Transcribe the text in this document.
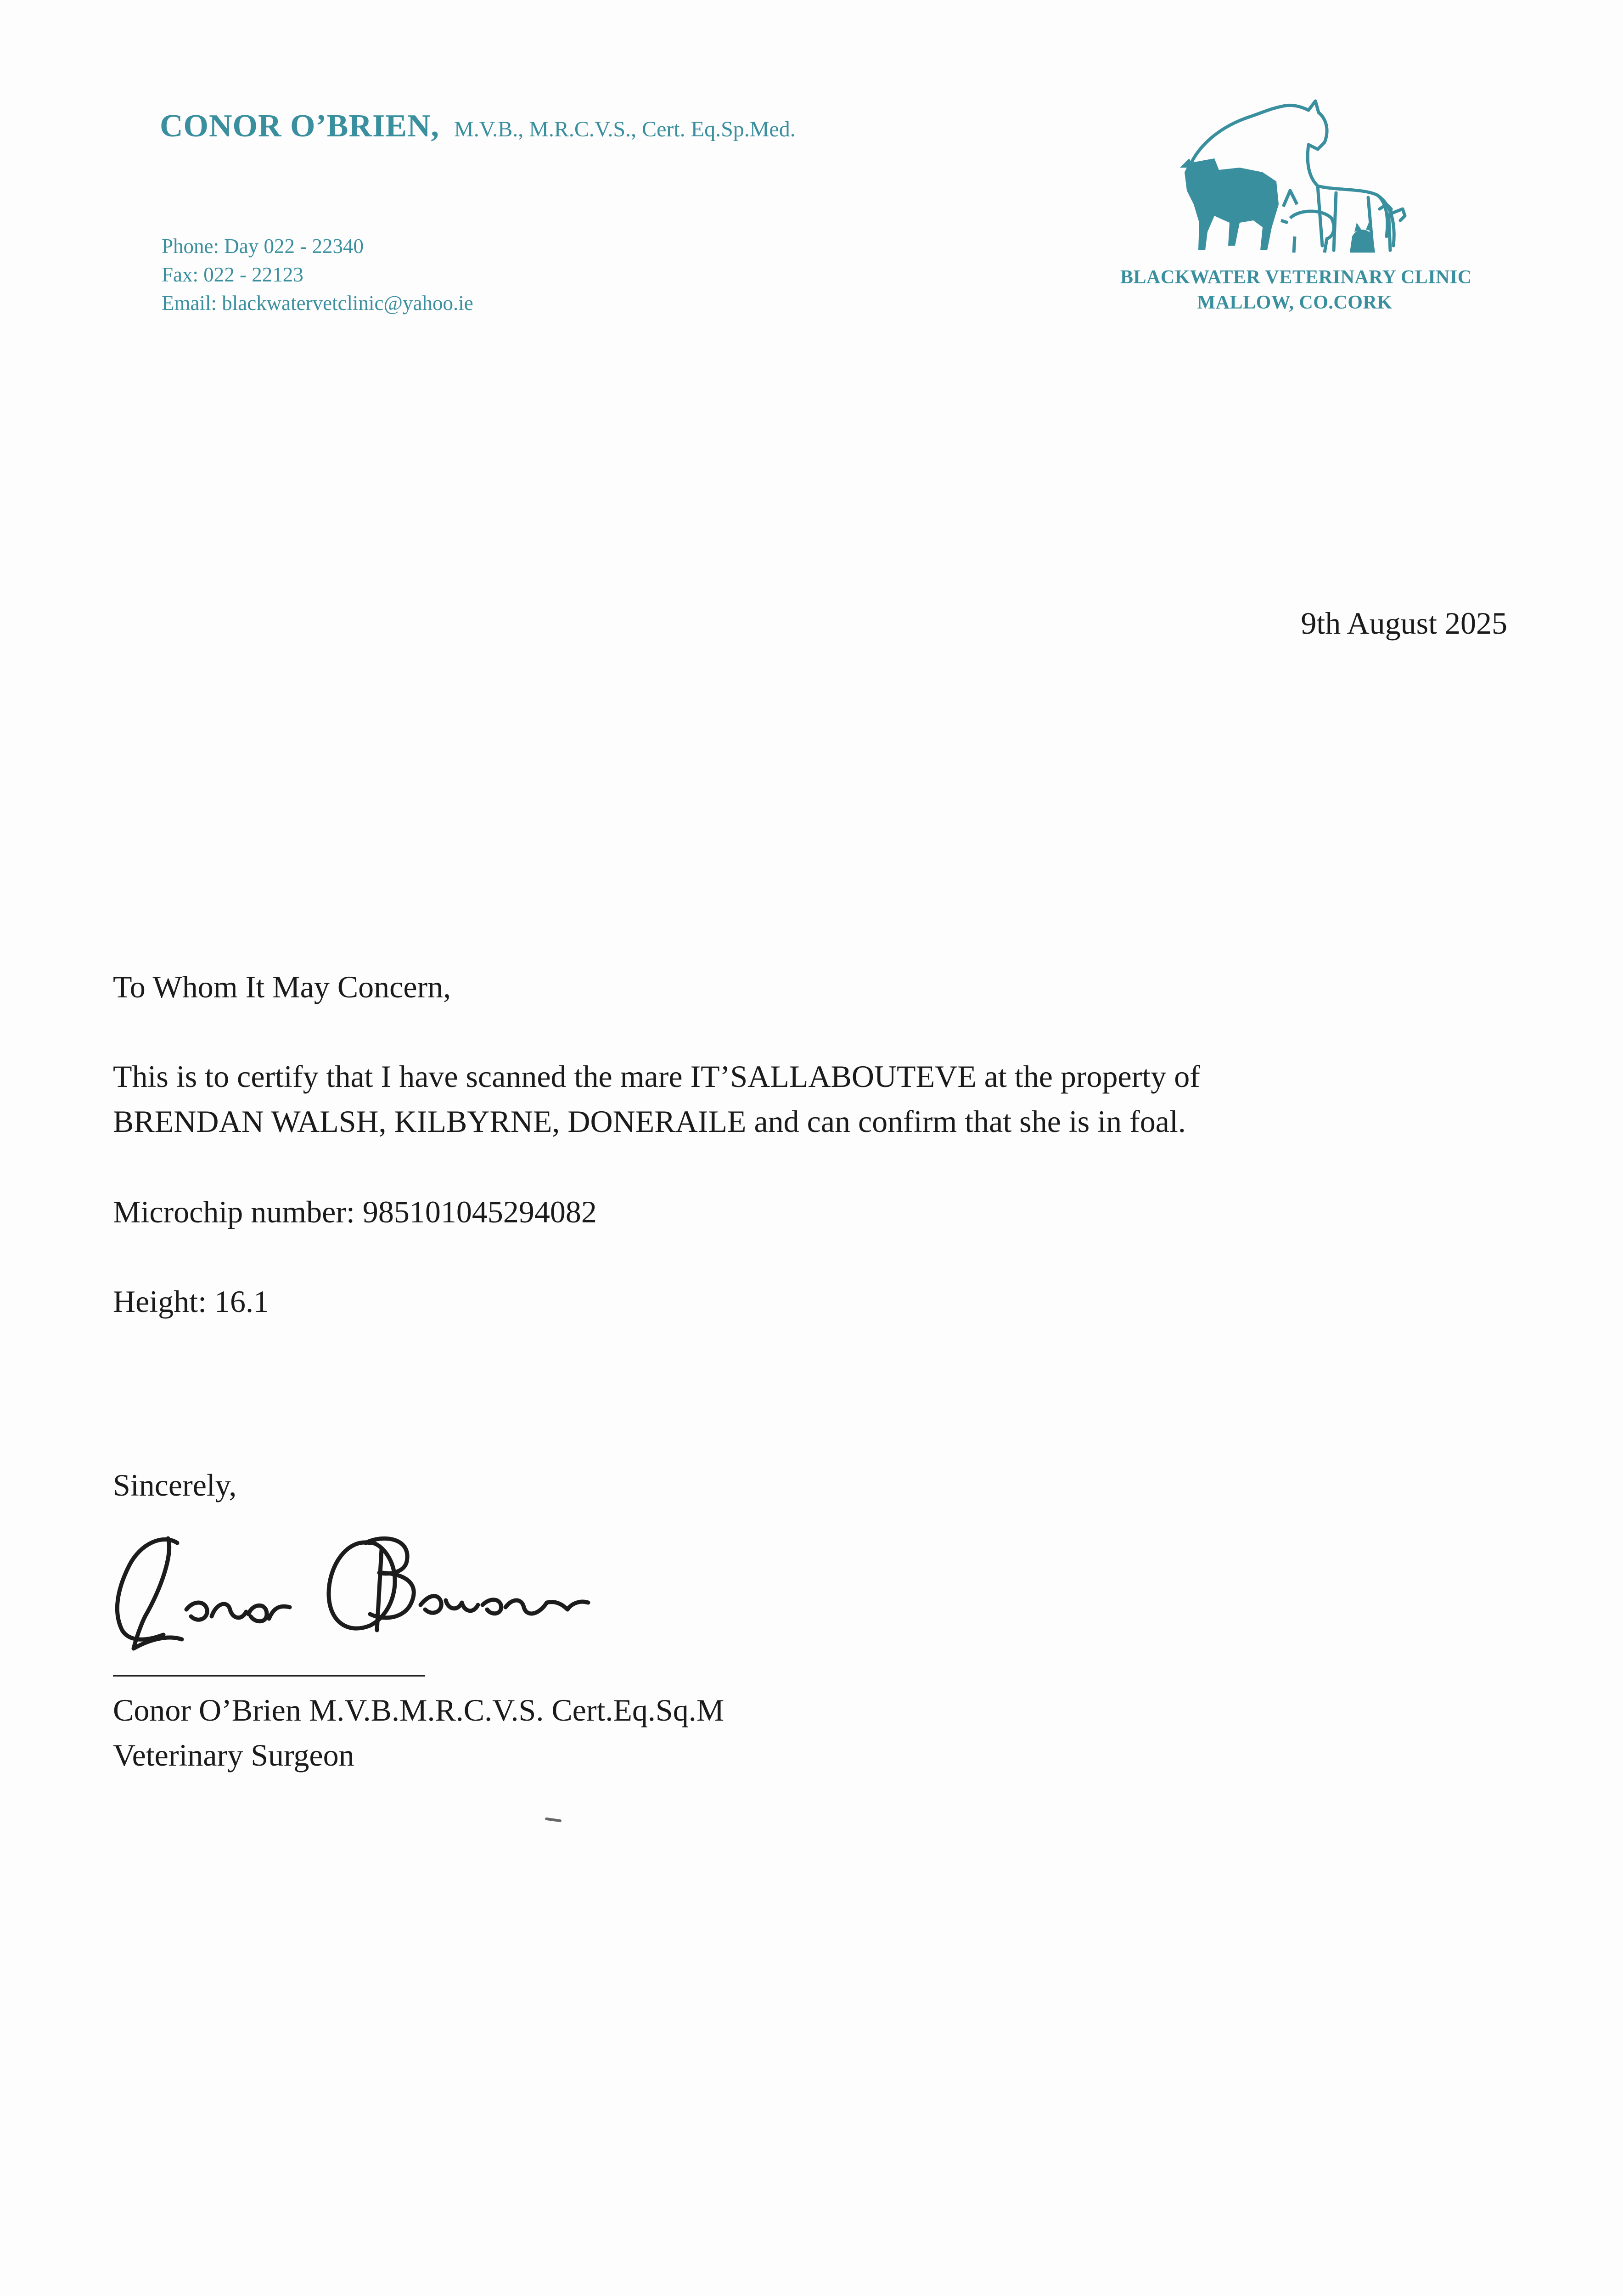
CONOR O’BRIEN, M.V.B., M.R.C.V.S., Cert. Eq.Sp.Med.
Phone: Day 022 - 22340
Fax: 022 - 22123
Email: blackwatervetclinic@yahoo.ie
BLACKWATER VETERINARY CLINIC
MALLOW, CO.CORK
9th August 2025
To Whom It May Concern,
This is to certify that I have scanned the mare IT’SALLABOUTEVE at the property of
BRENDAN WALSH, KILBYRNE, DONERAILE and can confirm that she is in foal.
Microchip number: 985101045294082
Height: 16.1
Sincerely,
Conor O’Brien M.V.B.M.R.C.V.S. Cert.Eq.Sq.M
Veterinary Surgeon
